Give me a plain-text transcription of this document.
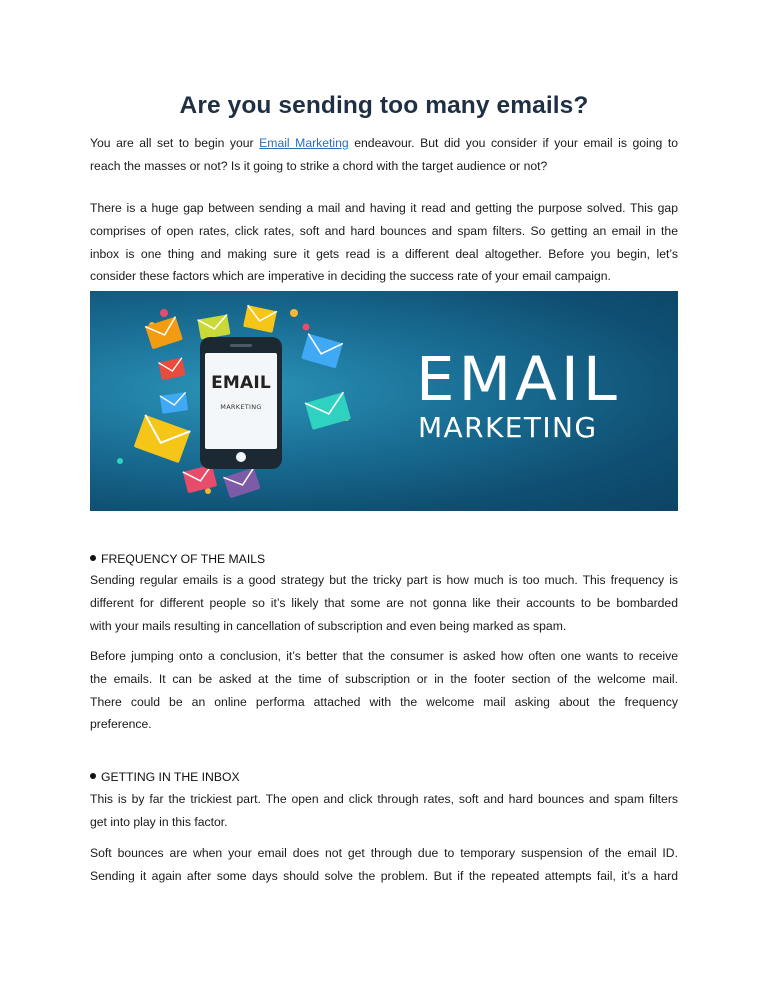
Are you sending too many emails?

You are all set to begin your Email Marketing endeavour. But did you consider if your email is going to
reach the masses or not? Is it going to strike a chord with the target audience or not?

There is a huge gap between sending a mail and having it read and getting the purpose solved. This gap
comprises of open rates, click rates, soft and hard bounces and spam filters. So getting an email in the
inbox is one thing and making sure it gets read is a different deal altogether. Before you begin, let’s
consider these factors which are imperative in deciding the success rate of your email campaign.

EMAIL
MARKETING	EMAIL
MARKETING
FREQUENCY OF THE MAILS

Sending regular emails is a good strategy but the tricky part is how much is too much. This frequency is
different for different people so it’s likely that some are not gonna like their accounts to be bombarded
with your mails resulting in cancellation of subscription and even being marked as spam.

Before jumping onto a conclusion, it’s better that the consumer is asked how often one wants to receive
the emails. It can be asked at the time of subscription or in the footer section of the welcome mail.
There could be an online performa attached with the welcome mail asking about the frequency
preference.

GETTING IN THE INBOX

This is by far the trickiest part. The open and click through rates, soft and hard bounces and spam filters
get into play in this factor.

Soft bounces are when your email does not get through due to temporary suspension of the email ID.
Sending it again after some days should solve the problem. But if the repeated attempts fail, it’s a hard
